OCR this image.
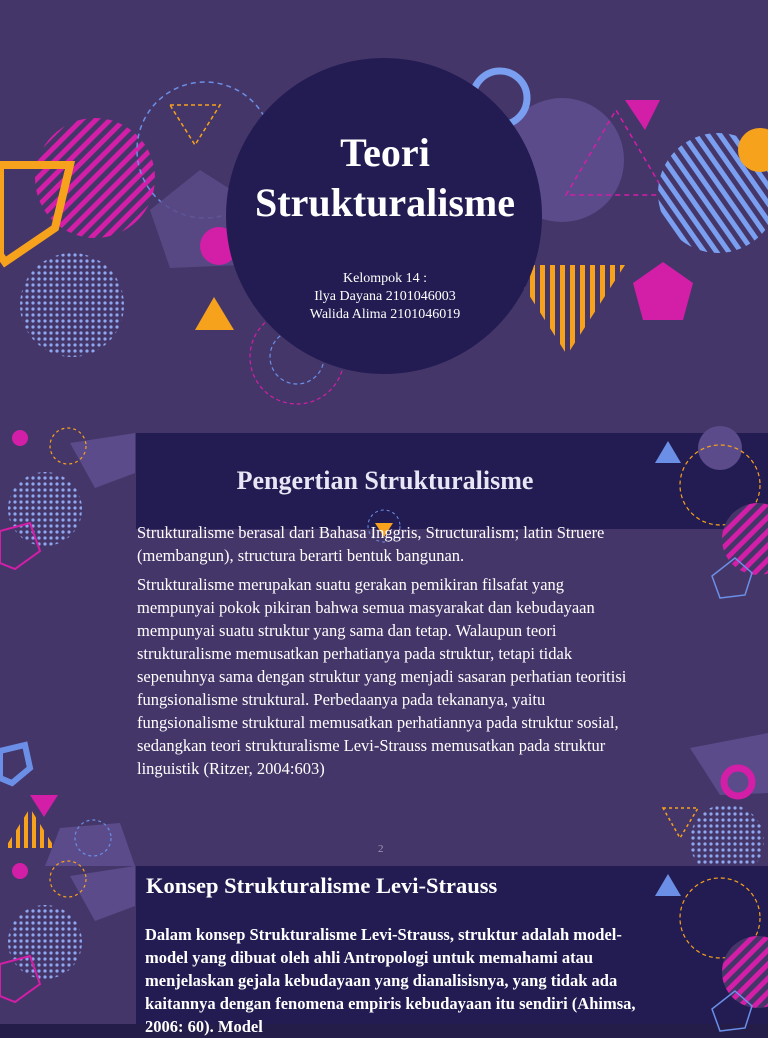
Teori Strukturalisme
Kelompok 14 :
Ilya Dayana 2101046003
Walida Alima 2101046019
Pengertian Strukturalisme

Strukturalisme berasal dari Bahasa Inggris, Structuralism; latin Struere (membangun), structura berarti bentuk bangunan.

Strukturalisme merupakan suatu gerakan pemikiran filsafat yang mempunyai pokok pikiran bahwa semua masyarakat dan kebudayaan mempunyai suatu struktur yang sama dan tetap. Walaupun teori strukturalisme memusatkan perhatianya pada struktur, tetapi tidak sepenuhnya sama dengan struktur yang menjadi sasaran perhatian teoritisi fungsionalisme struktural. Perbedaanya pada tekananya, yaitu fungsionalisme struktural memusatkan perhatiannya pada struktur sosial, sedangkan teori strukturalisme Levi-Strauss memusatkan pada struktur linguistik (Ritzer, 2004:603)

2
Konsep Strukturalisme Levi-Strauss

Dalam konsep Strukturalisme Levi-Strauss, struktur adalah model-model yang dibuat oleh ahli Antropologi untuk memahami atau menjelaskan gejala kebudayaan yang dianalisisnya, yang tidak ada kaitannya dengan fenomena empiris kebudayaan itu sendiri (Ahimsa, 2006: 60). Model
